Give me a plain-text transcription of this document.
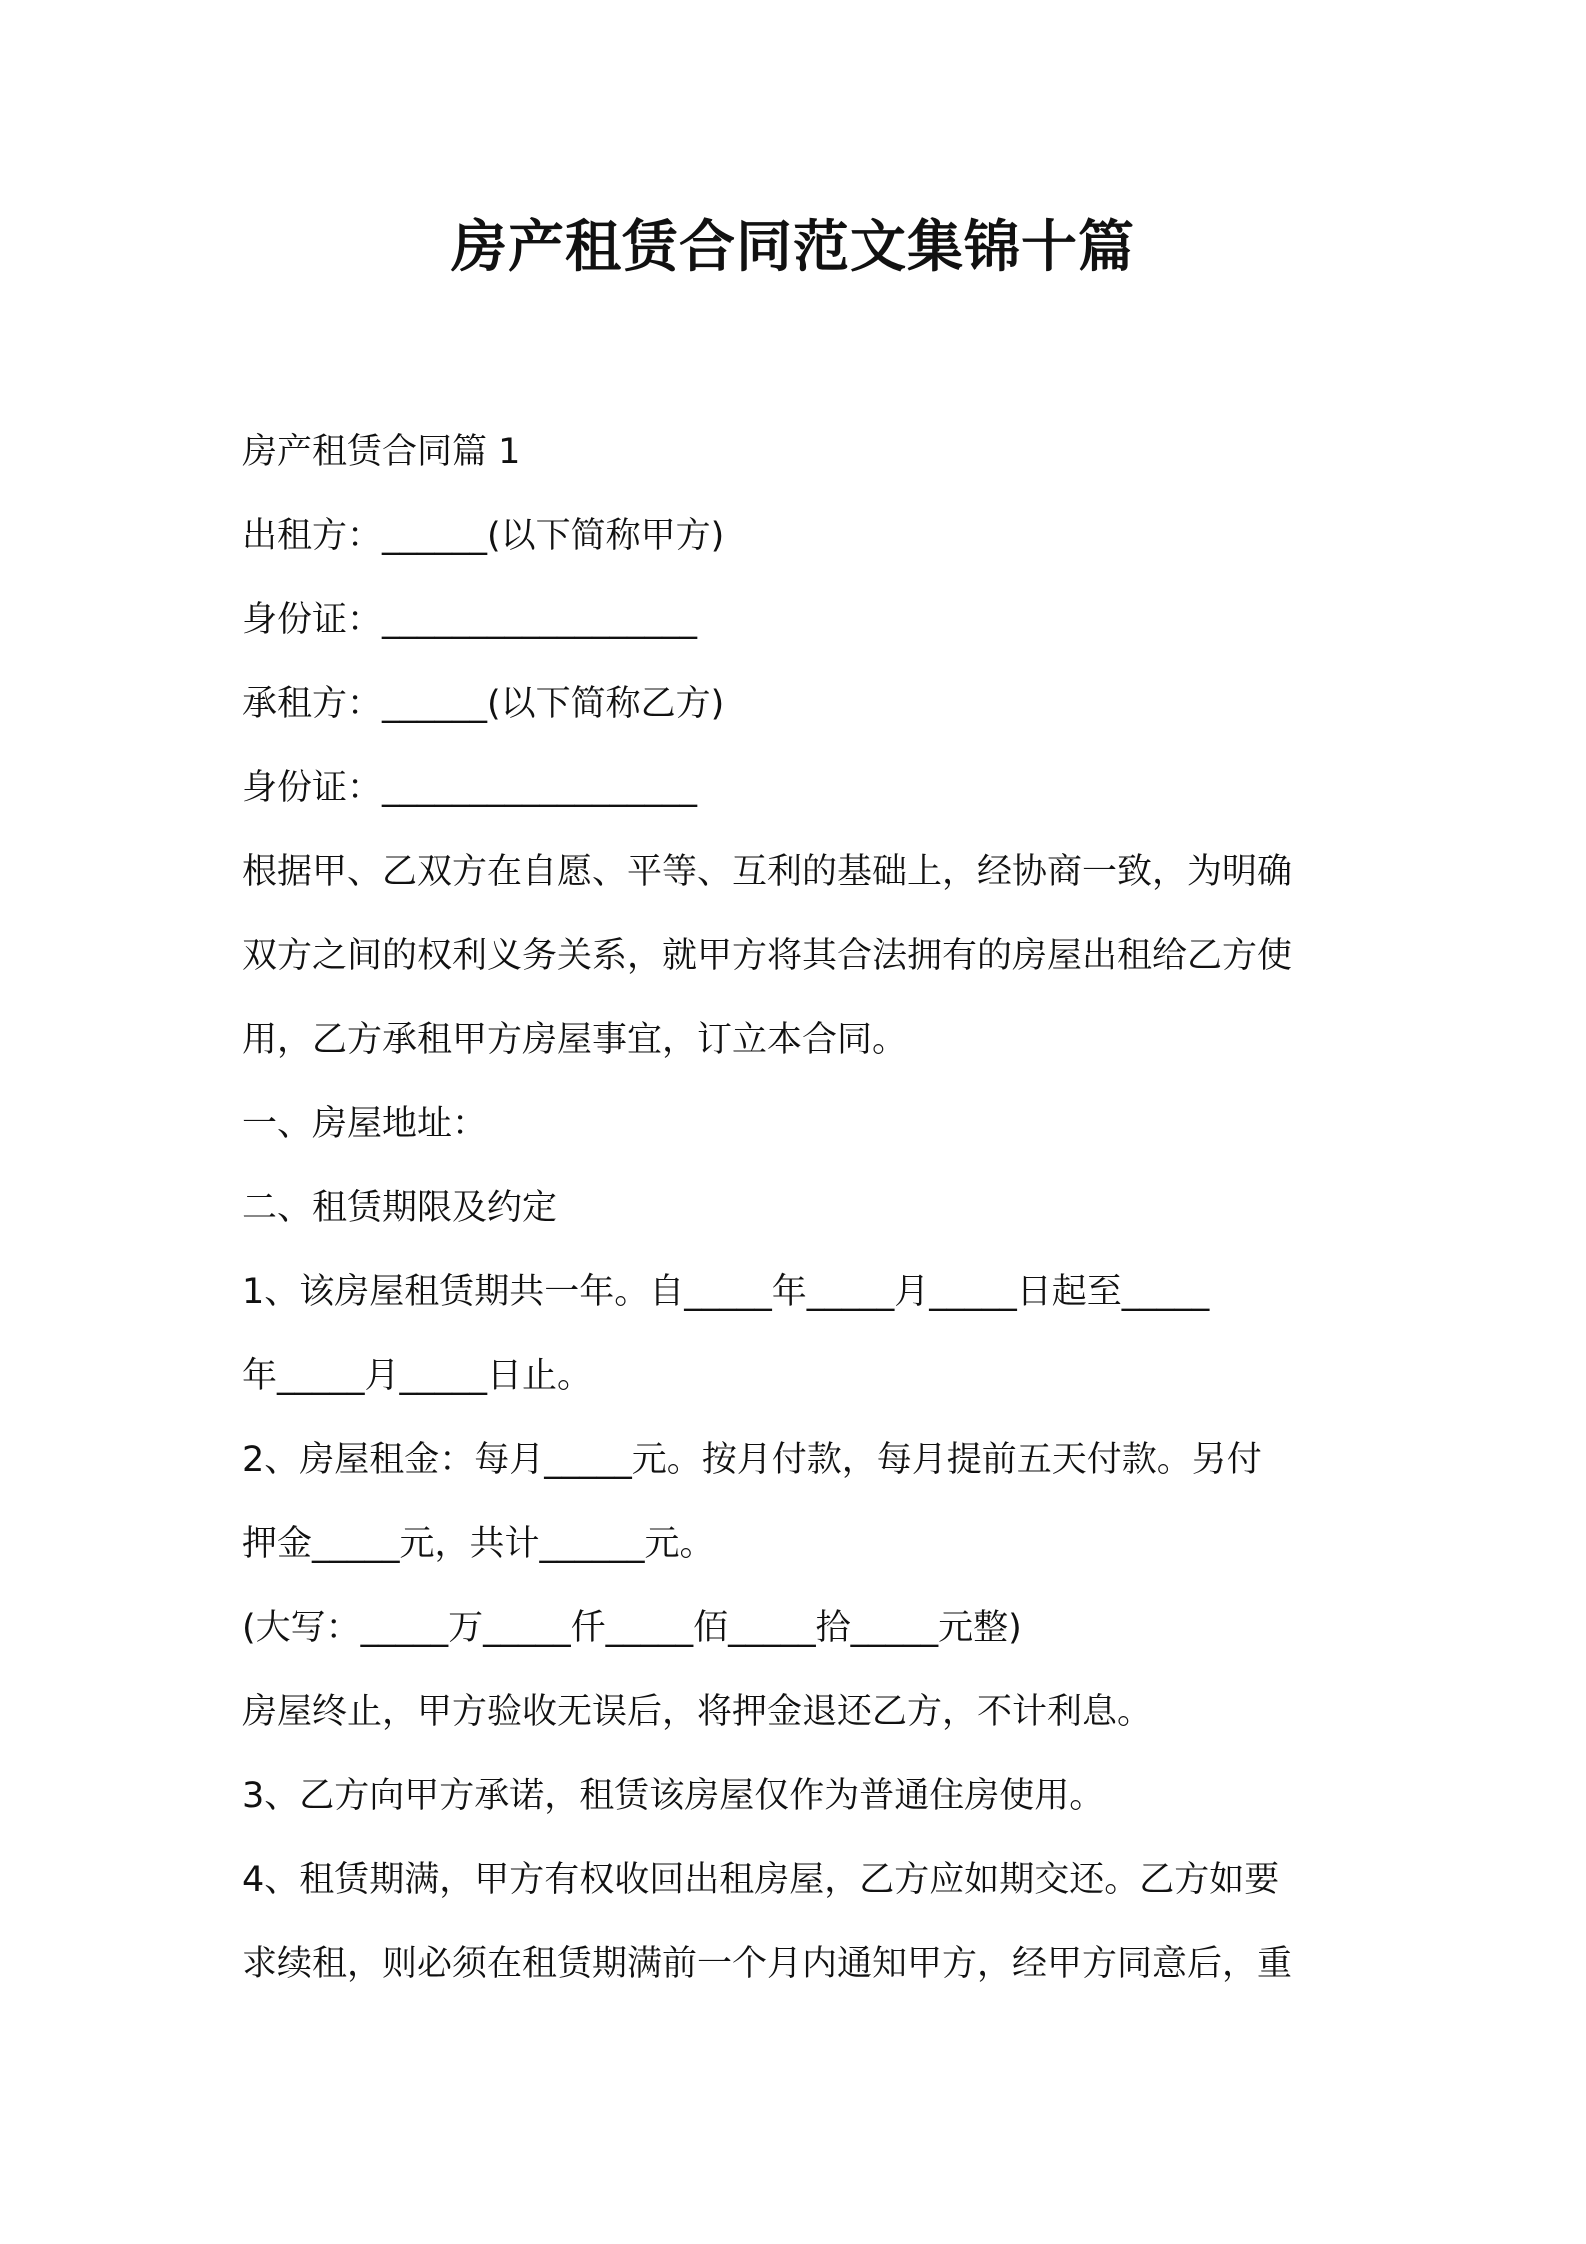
房产租赁合同范文集锦十篇
房产租赁合同篇 1
出租方：______(以下简称甲方)
身份证：__________________
承租方：______(以下简称乙方)
身份证：__________________
根据甲、乙双方在自愿、平等、互利的基础上，经协商一致，为明确
双方之间的权利义务关系，就甲方将其合法拥有的房屋出租给乙方使
用，乙方承租甲方房屋事宜，订立本合同。
一、房屋地址：
二、租赁期限及约定
1、该房屋租赁期共一年。自_____年_____月_____日起至_____
年_____月_____日止。
2、房屋租金：每月_____元。按月付款，每月提前五天付款。另付
押金_____元，共计______元。
(大写：_____万_____仟_____佰_____拾_____元整)
房屋终止，甲方验收无误后，将押金退还乙方，不计利息。
3、乙方向甲方承诺，租赁该房屋仅作为普通住房使用。
4、租赁期满，甲方有权收回出租房屋，乙方应如期交还。乙方如要
求续租，则必须在租赁期满前一个月内通知甲方，经甲方同意后，重
